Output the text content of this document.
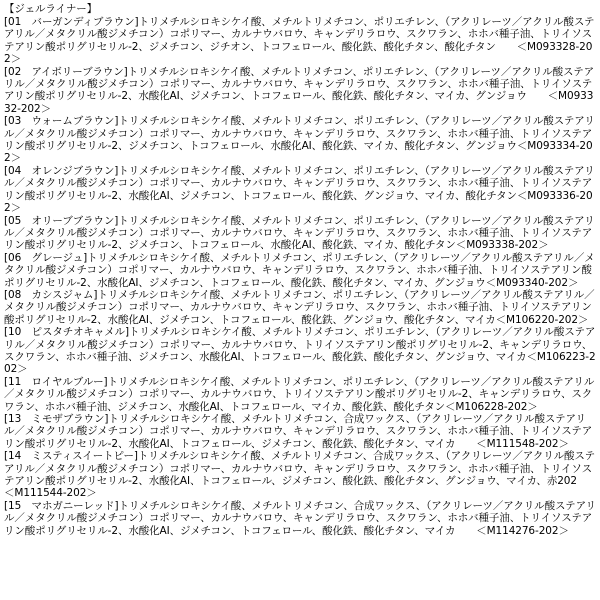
【ジェルライナー】
[01　バーガンディブラウン]トリメチルシロキシケイ酸、メチルトリメチコン、ポリエチレン、（アクリレーツ／アクリル酸ステアリル／メタクリル酸ジメチコン）コポリマー、カルナウバロウ、キャンデリラロウ、スクワラン、ホホバ種子油、トリイソステアリン酸ポリグリセリル-2、ジメチコン、ジチオン、トコフェロール、酸化鉄、酸化チタン、酸化チタン　　＜M093328-202＞
[02　アイボリーブラウン]トリメチルシロキシケイ酸、メチルトリメチコン、ポリエチレン、（アクリレーツ／アクリル酸ステアリル／メタクリル酸ジメチコン）コポリマー、カルナウバロウ、キャンデリラロウ、スクワラン、ホホバ種子油、トリイソステアリン酸ポリグリセリル-2、水酸化AI、ジメチコン、トコフェロール、酸化鉄、酸化チタン、マイカ、グンジョウ　　＜M093332-202＞
[03　ウォームブラウン]トリメチルシロキシケイ酸、メチルトリメチコン、ポリエチレン、（アクリレーツ／アクリル酸ステアリル／メタクリル酸ジメチコン）コポリマー、カルナウバロウ、キャンデリラロウ、スクワラン、ホホバ種子油、トリイソステアリン酸ポリグリセリル-2、ジメチコン、トコフェロール、水酸化AI、酸化鉄、マイカ、酸化チタン、グンジョウ＜M093334-202＞
[04　オレンジブラウン]トリメチルシロキシケイ酸、メチルトリメチコン、ポリエチレン、（アクリレーツ／アクリル酸ステアリル／メタクリル酸ジメチコン）コポリマー、カルナウバロウ、キャンデリラロウ、スクワラン、ホホバ種子油、トリイソステアリン酸ポリグリセリル-2、水酸化AI、ジメチコン、トコフェロール、酸化鉄、グンジョウ、マイカ、酸化チタン＜M093336-202＞
[05　オリーブブラウン]トリメチルシロキシケイ酸、メチルトリメチコン、ポリエチレン、（アクリレーツ／アクリル酸ステアリル／メタクリル酸ジメチコン）コポリマー、カルナウバロウ、キャンデリラロウ、スクワラン、ホホバ種子油、トリイソステアリン酸ポリグリセリル-2、ジメチコン、トコフェロール、水酸化AI、酸化鉄、マイカ、酸化チタン＜M093338-202＞
[06　グレージュ]トリメチルシロキシケイ酸、メチルトリメチコン、ポリエチレン、（アクリレーツ／アクリル酸ステアリル／メタクリル酸ジメチコン）コポリマー、カルナウバロウ、キャンデリラロウ、スクワラン、ホホバ種子油、トリイソステアリン酸ポリグリセリル-2、水酸化AI、ジメチコン、トコフェロール、酸化鉄、酸化チタン、マイカ、グンジョウ＜M093340-202＞
[08　カシスジャム]トリメチルシロキシケイ酸、メチルトリメチコン、ポリエチレン、（アクリレーツ／アクリル酸ステアリル／メタクリル酸ジメチコン）コポリマー、カルナウバロウ、キャンデリラロウ、スクワラン、ホホバ種子油、トリイソステアリン酸ポリグリセリル-2、水酸化AI、ジメチコン、トコフェロール、酸化鉄、グンジョウ、酸化チタン、マイカ＜M106220-202＞
[10　ピスタチオキャメル]トリメチルシロキシケイ酸、メチルトリメチコン、ポリエチレン、（アクリレーツ／アクリル酸ステアリル／メタクリル酸ジメチコン）コポリマー、カルナウバロウ、トリイソステアリン酸ポリグリセリル-2、キャンデリラロウ、スクワラン、ホホバ種子油、ジメチコン、水酸化AI、トコフェロール、酸化鉄、酸化チタン、グンジョウ、マイカ＜M106223-202＞
[11　ロイヤルブルー]トリメチルシロキシケイ酸、メチルトリメチコン、ポリエチレン、（アクリレーツ／アクリル酸ステアリル／メタクリル酸ジメチコン）コポリマー、カルナウバロウ、トリイソステアリン酸ポリグリセリル-2、キャンデリラロウ、スクワラン、ホホバ種子油、ジメチコン、水酸化AI、トコフェロール、マイカ、酸化鉄、酸化チタン＜M106228-202＞
[13　ミモザブラウン]トリメチルシロキシケイ酸、メチルトリメチコン、合成ワックス、（アクリレーツ／アクリル酸ステアリル／メタクリル酸ジメチコン）コポリマー、カルナウバロウ、キャンデリラロウ、スクワラン、ホホバ種子油、トリイソステアリン酸ポリグリセリル-2、水酸化AI、トコフェロール、ジメチコン、酸化鉄、酸化チタン、マイカ　　＜M111548-202＞
[14　ミスティスイートピー]トリメチルシロキシケイ酸、メチルトリメチコン、合成ワックス、（アクリレーツ／アクリル酸ステアリル／メタクリル酸ジメチコン）コポリマー、カルナウバロウ、キャンデリラロウ、スクワラン、ホホバ種子油、トリイソステアリン酸ポリグリセリル-2、水酸化AI、トコフェロール、ジメチコン、酸化鉄、酸化チタン、グンジョウ、マイカ、赤202　　＜M111544-202＞
[15　マホガニーレッド]トリメチルシロキシケイ酸、メチルトリメチコン、合成ワックス、（アクリレーツ／アクリル酸ステアリル／メタクリル酸ジメチコン）コポリマー、カルナウバロウ、キャンデリラロウ、スクワラン、ホホバ種子油、トリイソステアリン酸ポリグリセリル-2、水酸化AI、ジメチコン、トコフェロール、酸化鉄、酸化チタン、マイカ　　＜M114276-202＞
